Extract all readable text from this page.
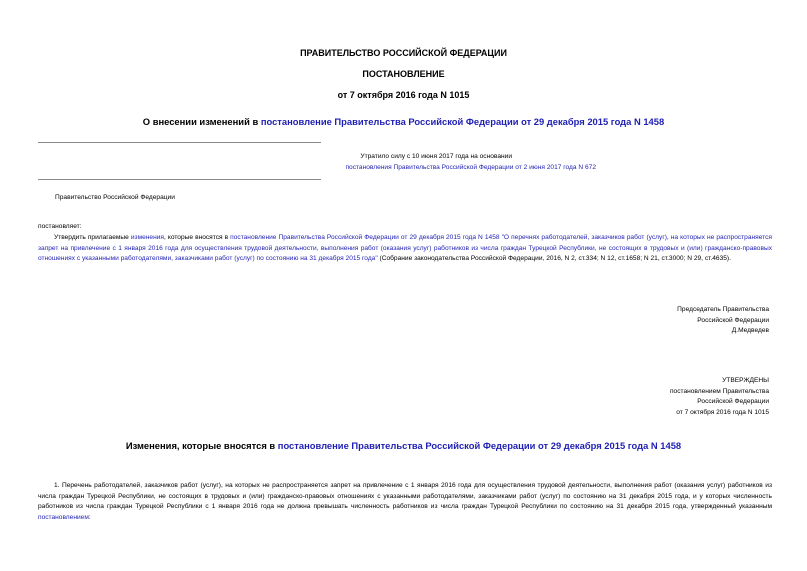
ПРАВИТЕЛЬСТВО РОССИЙСКОЙ ФЕДЕРАЦИИ
ПОСТАНОВЛЕНИЕ
от 7 октября 2016 года N 1015
О внесении изменений в постановление Правительства Российской Федерации от 29 декабря 2015 года N 1458
Утратило силу с 10 июня 2017 года на основании
постановления Правительства Российской Федерации от 2 июня 2017 года N 672
Правительство Российской Федерации
постановляет:
Утвердить прилагаемые изменения, которые вносятся в постановление Правительства Российской Федерации от 29 декабря 2015 года N 1458 "О перечнях работодателей, заказчиков работ (услуг), на которых не распространяется запрет на привлечение с 1 января 2016 года для осуществления трудовой деятельности, выполнения работ (оказания услуг) работников из числа граждан Турецкой Республики, не состоящих в трудовых и (или) гражданско-правовых отношениях с указанными работодателями, заказчиками работ (услуг) по состоянию на 31 декабря 2015 года" (Собрание законодательства Российской Федерации, 2016, N 2, ст.334; N 12, ст.1658; N 21, ст.3000; N 29, ст.4635).
Председатель Правительства
Российской Федерации
Д.Медведев
УТВЕРЖДЕНЫ
постановлением Правительства
Российской Федерации
от 7 октября 2016 года N 1015
Изменения, которые вносятся в постановление Правительства Российской Федерации от 29 декабря 2015 года N 1458
1. Перечень работодателей, заказчиков работ (услуг), на которых не распространяется запрет на привлечение с 1 января 2016 года для осуществления трудовой деятельности, выполнения работ (оказания услуг) работников из числа граждан Турецкой Республики, не состоящих в трудовых и (или) гражданско-правовых отношениях с указанными работодателями, заказчиками работ (услуг) по состоянию на 31 декабря 2015 года, и у которых численность работников из числа граждан Турецкой Республики с 1 января 2016 года не должна превышать численность работников из числа граждан Турецкой Республики по состоянию на 31 декабря 2015 года, утвержденный указанным постановлением:
